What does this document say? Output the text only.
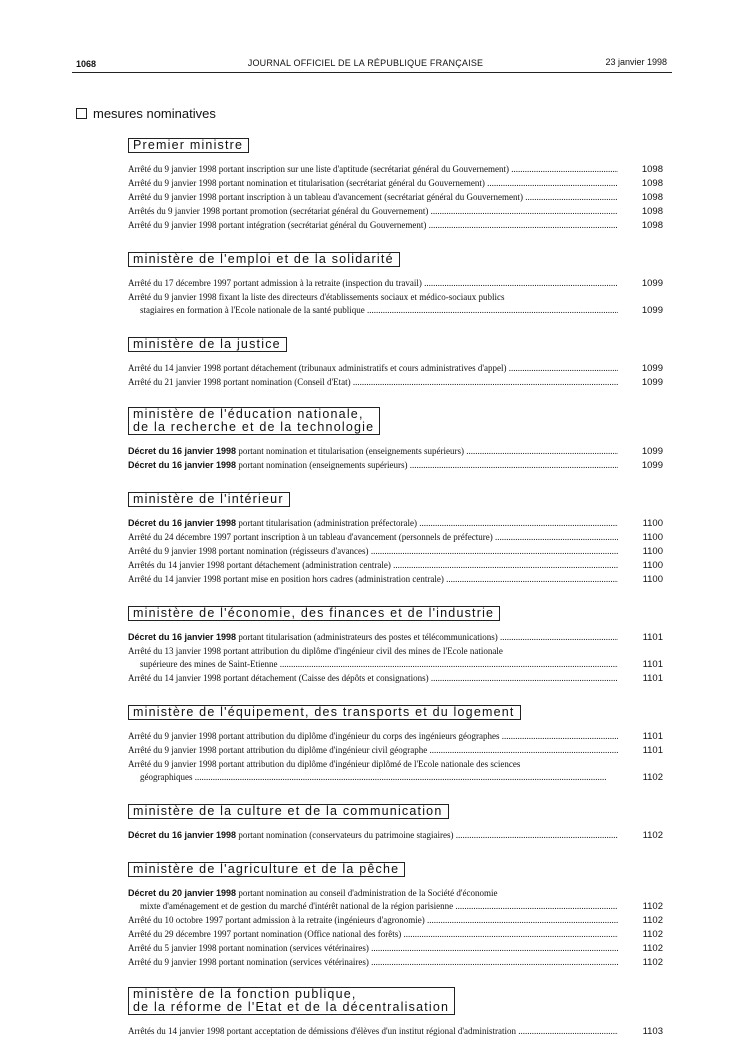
1068	JOURNAL OFFICIEL DE LA RÉPUBLIQUE FRANÇAISE	23 janvier 1998
mesures nominatives
Premier ministre
Arrêté du 9 janvier 1998 portant inscription sur une liste d'aptitude (secrétariat général du Gouvernement) .....	1098
Arrêté du 9 janvier 1998 portant nomination et titularisation (secrétariat général du Gouvernement) .....	1098
Arrêté du 9 janvier 1998 portant inscription à un tableau d'avancement (secrétariat général du Gouvernement) .....	1098
Arrêtés du 9 janvier 1998 portant promotion (secrétariat général du Gouvernement) .....	1098
Arrêté du 9 janvier 1998 portant intégration (secrétariat général du Gouvernement) .....	1098
ministère de l'emploi et de la solidarité
Arrêté du 17 décembre 1997 portant admission à la retraite (inspection du travail) .....	1099
Arrêté du 9 janvier 1998 fixant la liste des directeurs d'établissements sociaux et médico-sociaux publics
stagiaires en formation à l'Ecole nationale de la santé publique .....	1099
ministère de la justice
Arrêté du 14 janvier 1998 portant détachement (tribunaux administratifs et cours administratives d'appel) .....	1099
Arrêté du 21 janvier 1998 portant nomination (Conseil d'Etat) .....	1099
ministère de l'éducation nationale,
de la recherche et de la technologie
Décret du 16 janvier 1998 portant nomination et titularisation (enseignements supérieurs) .....	1099
Décret du 16 janvier 1998 portant nomination (enseignements supérieurs) .....	1099
ministère de l'intérieur
Décret du 16 janvier 1998 portant titularisation (administration préfectorale) .....	1100
Arrêté du 24 décembre 1997 portant inscription à un tableau d'avancement (personnels de préfecture) .....	1100
Arrêté du 9 janvier 1998 portant nomination (régisseurs d'avances) .....	1100
Arrêtés du 14 janvier 1998 portant détachement (administration centrale) .....	1100
Arrêté du 14 janvier 1998 portant mise en position hors cadres (administration centrale) .....	1100
ministère de l'économie, des finances et de l'industrie
Décret du 16 janvier 1998 portant titularisation (administrateurs des postes et télécommunications) .....	1101
Arrêté du 13 janvier 1998 portant attribution du diplôme d'ingénieur civil des mines de l'Ecole nationale
supérieure des mines de Saint-Etienne .....	1101
Arrêté du 14 janvier 1998 portant détachement (Caisse des dépôts et consignations) .....	1101
ministère de l'équipement, des transports et du logement
Arrêté du 9 janvier 1998 portant attribution du diplôme d'ingénieur du corps des ingénieurs géographes .....	1101
Arrêté du 9 janvier 1998 portant attribution du diplôme d'ingénieur civil géographe .....	1101
Arrêté du 9 janvier 1998 portant attribution du diplôme d'ingénieur diplômé de l'Ecole nationale des sciences
géographiques .....	1102
ministère de la culture et de la communication
Décret du 16 janvier 1998 portant nomination (conservateurs du patrimoine stagiaires) .....	1102
ministère de l'agriculture et de la pêche
Décret du 20 janvier 1998 portant nomination au conseil d'administration de la Société d'économie
mixte d'aménagement et de gestion du marché d'intérêt national de la région parisienne .....	1102
Arrêté du 10 octobre 1997 portant admission à la retraite (ingénieurs d'agronomie) .....	1102
Arrêté du 29 décembre 1997 portant nomination (Office national des forêts) .....	1102
Arrêté du 5 janvier 1998 portant nomination (services vétérinaires) .....	1102
Arrêté du 9 janvier 1998 portant nomination (services vétérinaires) .....	1102
ministère de la fonction publique,
de la réforme de l'Etat et de la décentralisation
Arrêtés du 14 janvier 1998 portant acceptation de démissions d'élèves d'un institut régional d'administration .....	1103
